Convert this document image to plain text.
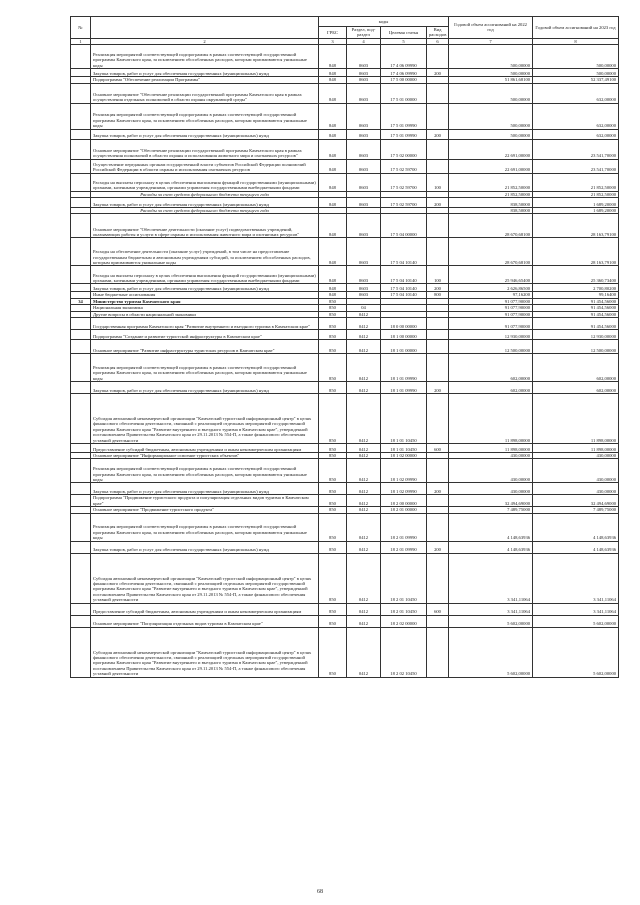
№		коды				Годовой объем ассигнований на 2022 год	Годовой объем ассигнований на 2023 год
		ГРБС	Раздел, под-раздел	Целевая статья	Вид расходов		
1	2	3	4	5	6	7	8
	Реализация мероприятий соответствующей подпрограммы в рамках соответствующей государственной программы Камчатского края, за исключением обособленных расходов, которым присваиваются уникальные коды	848	0603	17 4 06 09990		500,00000	500,00000
	Закупка товаров, работ и услуг для обеспечения государственных (муниципальных) нужд	848	0603	17 4 06 09990	200	500,00000	500,00000
	Подпрограмма "Обеспечение реализации Программы"	848	0603	17 5 00 00000		51 861,68100	52 337,49100
	Основное мероприятие "Обеспечение реализации государственной программы Камчатского края в рамках осуществления отдельных полномочий в области охраны окружающей среды"	848	0603	17 5 01 00000		500,00000	632,00000
	Реализация мероприятий соответствующей подпрограммы в рамках соответствующей государственной программы Камчатского края, за исключением обособленных расходов, которым присваиваются уникальные коды	848	0603	17 5 01 09990		500,00000	632,00000
	Закупка товаров, работ и услуг для обеспечения государственных (муниципальных) нужд	848	0603	17 5 01 09990	200	500,00000	632,00000
	Основное мероприятие "Обеспечение реализации государственной программы Камчатского края в рамках осуществления полномочий в области охраны и использования животного мира и охотничьих ресурсов"	848	0603	17 5 02 00000		22 691,00000	23 541,70000
	Осуществление переданных органам государственной власти субъектов Российской Федерации полномочий Российской Федерации в области охраны и использования охотничьих ресурсов	848	0603	17 5 02 59700		22 691,00000	23 541,70000
	Расходы на выплаты персоналу в целях обеспечения выполнения функций государственными (муниципальными) органами, казенными учреждениями, органами управления государственными внебюджетными фондами	848	0603	17 5 02 59700	100	21 852,50000	21 852,50000
	Расходы за счет средств федерального бюджета текущего года					21 852,50000	21 852,50000
	Закупка товаров, работ и услуг для обеспечения государственных (муниципальных) нужд	848	0603	17 5 02 59700	200	838,50000	1 689,20000
	Расходы за счет средств федерального бюджета текущего года					838,50000	1 689,20000
	Основное мероприятие "Обеспечение деятельности (оказание услуг) подведомственных учреждений, оказывающих работы и услуги в сфере охраны и использования животного мира и охотничьих ресурсов"	848	0603	17 5 04 00000		28 670,68100	28 163,79100
	Расходы на обеспечение деятельности (оказание услуг) учреждений, в том числе на предоставление государственным бюджетным и автономным учреждениям субсидий, за исключением обособленных расходов, которым присваиваются уникальные коды	848	0603	17 5 04 10140		28 670,68100	28 163,79100
	Расходы на выплаты персоналу в целях обеспечения выполнения функций государственными (муниципальными) органами, казенными учреждениями, органами управления государственными внебюджетными фондами	848	0603	17 5 04 10140	100	25 946,65400	25 360,73400
	Закупка товаров, работ и услуг для обеспечения государственных (муниципальных) нужд	848	0603	17 5 04 10140	200	2 626,86500	2 700,80200
	Иные бюджетные ассигнования	848	0603	17 5 04 10140	800	97,16200	99,16400
34	Министерство туризма Камчатского края	850				91 077,90000	91 454,56000
	Национальная экономика	850	04			91 077,90000	91 454,56000
	Другие вопросы в области национальной экономики	850	0412			91 077,90000	91 454,56000
	Государственная программа Камчатского края "Развитие внутреннего и въездного туризма в Камчатском крае"	850	0412	18 0 00 00000		91 077,90000	91 454,56000
	Подпрограмма "Создание и развитие туристской инфраструктуры в Камчатском крае"	850	0412	18 1 00 00000		12 930,00000	12 930,00000
	Основное мероприятие "Развитие инфраструктуры туристских ресурсов в Камчатском крае"	850	0412	18 1 01 00000		12 500,00000	12 500,00000
	Реализация мероприятий соответствующей подпрограммы в рамках соответствующей государственной программы Камчатского края, за исключением обособленных расходов, которым присваиваются уникальные коды	850	0412	18 1 01 09990		602,00000	602,00000
	Закупка товаров, работ и услуг для обеспечения государственных (муниципальных) нужд	850	0412	18 1 01 09990	200	602,00000	602,00000
	Субсидия автономной некоммерческой организации "Камчатский туристский информационный центр" в целях финансового обеспечения деятельности, связанной с реализацией отдельных мероприятий государственной программы Камчатского края "Развитие внутреннего и въездного туризма в Камчатском крае", утвержденной постановлением Правительства Камчатского края от 29.11.2013 № 554-П, а также финансового обеспечения уставной деятельности	850	0412	18 1 01 10450		11 898,00000	11 898,00000
	Предоставление субсидий бюджетным, автономным учреждениям и иным некоммерческим организациям	850	0412	18 1 01 10450	600	11 898,00000	11 898,00000
	Основное мероприятие "Информационное освоение туристских объектов"	850	0412	18 1 02 00000		430,00000	430,00000
	Реализация мероприятий соответствующей подпрограммы в рамках соответствующей государственной программы Камчатского края, за исключением обособленных расходов, которым присваиваются уникальные коды	850	0412	18 1 02 09990		430,00000	430,00000
	Закупка товаров, работ и услуг для обеспечения государственных (муниципальных) нужд	850	0412	18 1 02 09990	200	430,00000	430,00000
	Подпрограмма "Продвижение туристского продукта и популяризация отдельных видов туризма в Камчатском крае"	850	0412	18 2 00 00000		32 494,69000	32 494,69000
	Основное мероприятие "Продвижение туристского продукта"	850	0412	18 2 01 00000		7 489,75000	7 489,75000
	Реализация мероприятий соответствующей подпрограммы в рамках соответствующей государственной программы Камчатского края, за исключением обособленных расходов, которым присваиваются уникальные коды	850	0412	18 2 01 09990		4 148,63936	4 148,63936
	Закупка товаров, работ и услуг для обеспечения государственных (муниципальных) нужд	850	0412	18 2 01 09990	200	4 148,63936	4 148,63936
	Субсидия автономной некоммерческой организации "Камчатский туристский информационный центр" в целях финансового обеспечения деятельности, связанной с реализацией отдельных мероприятий государственной программы Камчатского края "Развитие внутреннего и въездного туризма в Камчатском крае", утвержденной постановлением Правительства Камчатского края от 29.11.2013 № 554-П, а также финансового обеспечения уставной деятельности	850	0412	18 2 01 10450		3 341,11064	3 341,11064
	Предоставление субсидий бюджетным, автономным учреждениям и иным некоммерческим организациям	850	0412	18 2 01 10450	600	3 341,11064	3 341,11064
	Основное мероприятие "Популяризация отдельных видов туризма в Камчатском крае"	850	0412	18 2 02 00000		5 602,00000	5 602,00000
	Субсидия автономной некоммерческой организации "Камчатский туристский информационный центр" в целях финансового обеспечения деятельности, связанной с реализацией отдельных мероприятий государственной программы Камчатского края "Развитие внутреннего и въездного туризма в Камчатском крае", утвержденной постановлением Правительства Камчатского края от 29.11.2013 № 554-П, а также финансового обеспечения уставной деятельности	850	0412	18 2 02 10450		5 602,00000	5 602,00000
68
